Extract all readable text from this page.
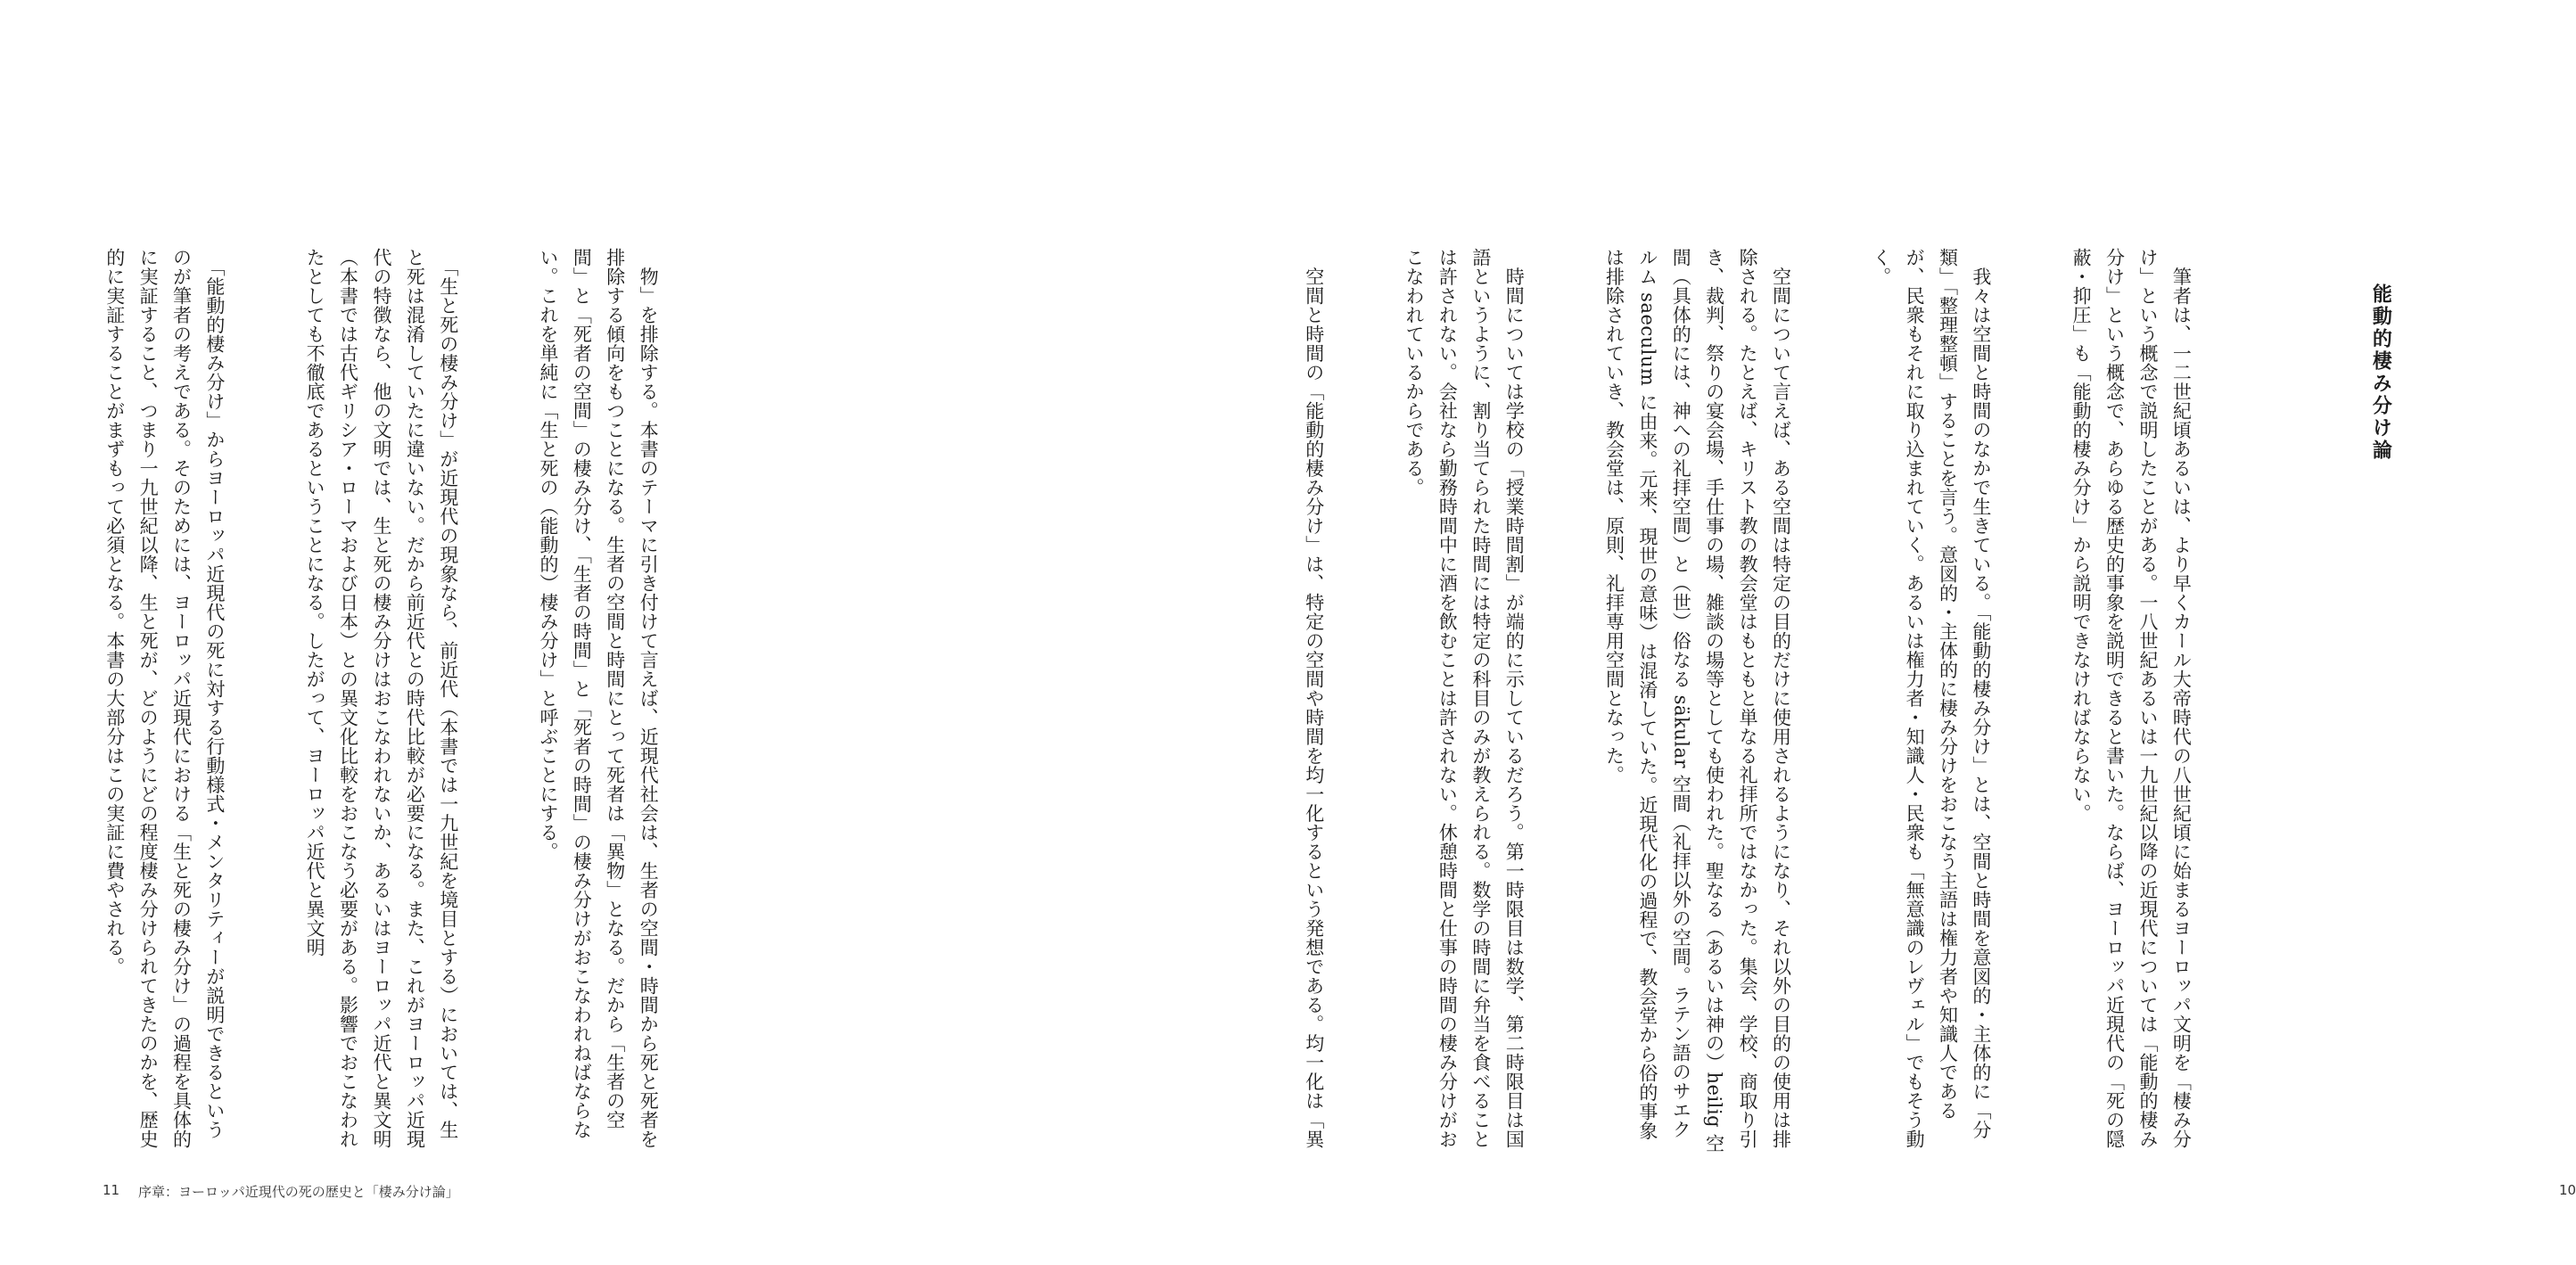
　物」を排除する。本書のテーマに引き付けて言えば、近現代社会は、生者の空間・時間から死と死者を排除する傾向をもつことになる。生者の空間と時間にとって死者は「異物」となる。だから「生者の空間」と「死者の空間」の棲み分け、「生者の時間」と「死者の時間」の棲み分けがおこなわれねばならない。これを単純に「生と死の（能動的）棲み分け」と呼ぶことにする。

　「生と死の棲み分け」が近現代の現象なら、前近代（本書では一九世紀を境目とする）においては、生と死は混淆していたに違いない。だから前近代との時代比較が必要になる。また、これがヨーロッパ近現代の特徴なら、他の文明では、生と死の棲み分けはおこなわれないか、あるいはヨーロッパ近代と異文明（本書では古代ギリシア・ローマおよび日本）との異文化比較をおこなう必要がある。影響でおこなわれたとしても不徹底であるということになる。したがって、ヨーロッパ近代と異文明

　「能動的棲み分け」からヨーロッパ近現代の死に対する行動様式・メンタリティーが説明できるというのが筆者の考えである。そのためには、ヨーロッパ近現代における「生と死の棲み分け」の過程を具体的に実証すること、つまり一九世紀以降、生と死が、どのようにどの程度棲み分けられてきたのかを、歴史的に実証することがまずもって必須となる。本書の大部分はこの実証に費やされる。

11 序章：ヨーロッパ近現代の死の歴史と「棲み分け論」

能動的棲み分け論

　筆者は、一二世紀頃あるいは、より早くカール大帝時代の八世紀頃に始まるヨーロッパ文明を「棲み分け」という概念で説明したことがある。一八世紀あるいは一九世紀以降の近現代については「能動的棲み分け」という概念で、あらゆる歴史的事象を説明できると書いた。ならば、ヨーロッパ近現代の「死の隠蔽・抑圧」も「能動的棲み分け」から説明できなければならない。

　我々は空間と時間のなかで生きている。「能動的棲み分け」とは、空間と時間を意図的・主体的に「分類」「整理整頓」することを言う。意図的・主体的に棲み分けをおこなう主語は権力者や知識人であるが、民衆もそれに取り込まれていく。あるいは権力者・知識人・民衆も「無意識のレヴェル」でもそう動く。

　空間について言えば、ある空間は特定の目的だけに使用されるようになり、それ以外の目的の使用は排除される。たとえば、キリスト教の教会堂はもともと単なる礼拝所ではなかった。集会、学校、商取り引き、裁判、祭りの宴会場、手仕事の場、雑談の場等としても使われた。聖なる（あるいは神の）heilig 空間（具体的には、神への礼拝空間）と（世）俗なる säkular 空間（礼拝以外の空間。ラテン語のサエクルム saeculum に由来。元来、現世の意味）は混淆していた。近現代化の過程で、教会堂から俗的事象は排除されていき、教会堂は、原則、礼拝専用空間となった。

　時間については学校の「授業時間割」が端的に示しているだろう。第一時限目は数学、第二時限目は国語というように、割り当てられた時間には特定の科目のみが教えられる。数学の時間に弁当を食べることは許されない。会社なら勤務時間中に酒を飲むことは許されない。休憩時間と仕事の時間の棲み分けがおこなわれているからである。

　空間と時間の「能動的棲み分け」は、特定の空間や時間を均一化するという発想である。均一化は「異

10
